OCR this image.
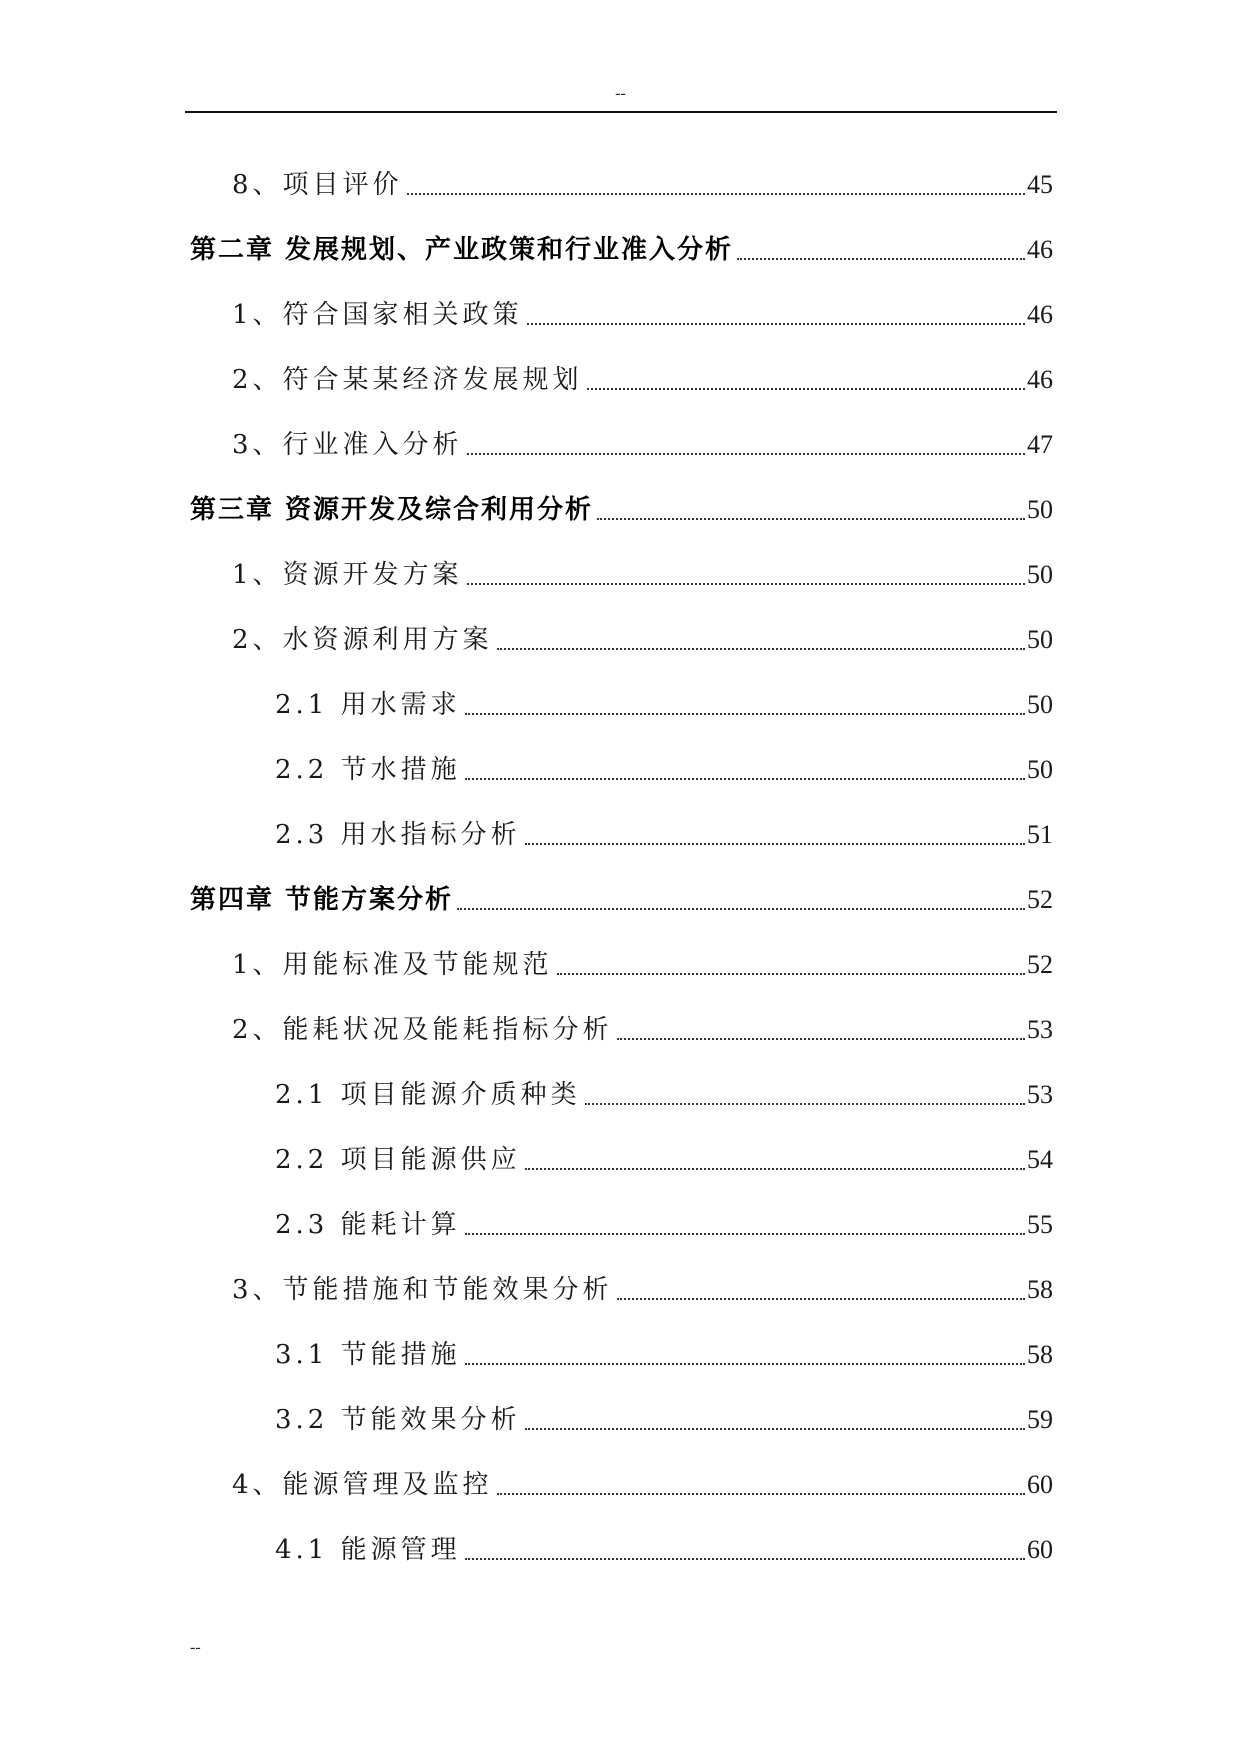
--
8、项目评价	45
第二章 发展规划、产业政策和行业准入分析	46
1、符合国家相关政策	46
2、符合某某经济发展规划	46
3、行业准入分析	47
第三章 资源开发及综合利用分析	50
1、资源开发方案	50
2、水资源利用方案	50
2.1 用水需求	50
2.2 节水措施	50
2.3 用水指标分析	51
第四章 节能方案分析	52
1、用能标准及节能规范	52
2、能耗状况及能耗指标分析	53
2.1 项目能源介质种类	53
2.2 项目能源供应	54
2.3 能耗计算	55
3、节能措施和节能效果分析	58
3.1 节能措施	58
3.2 节能效果分析	59
4、能源管理及监控	60
4.1 能源管理	60
--
